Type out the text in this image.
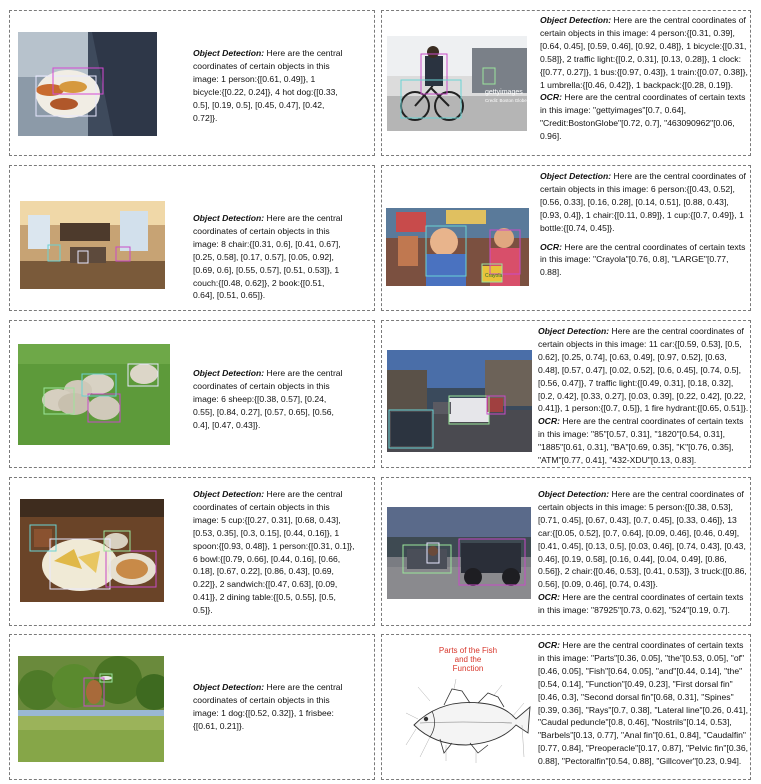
Object Detection: Here are the central coordinates of certain objects in this image: 1 person:{[0.61, 0.49]}, 1 bicycle:{[0.22, 0.24]}, 4 hot dog:{[0.33, 0.5], [0.19, 0.5], [0.45, 0.47], [0.42, 0.72]}.

gettyimages
Credit: Boston Globe

Object Detection: Here are the central coordinates of certain objects in this image: 4 person:{[0.31, 0.39], [0.64, 0.45], [0.59, 0.46], [0.92, 0.48]}, 1 bicycle:{[0.31, 0.58]}, 2 traffic light:{[0.2, 0.31], [0.13, 0.28]}, 1 clock:{[0.77, 0.27]}, 1 bus:{[0.97, 0.43]}, 1 train:{[0.07, 0.38]}, 1 umbrella:{[0.46, 0.42]}, 1 backpack:{[0.28, 0.19]}.

OCR: Here are the central coordinates of certain texts in this image: "gettyimages"[0.7, 0.64], "Credit:BostonGlobe"[0.72, 0.7], "463090962"[0.06, 0.96].

Object Detection: Here are the central coordinates of certain objects in this image: 8 chair:{[0.31, 0.6], [0.41, 0.67], [0.25, 0.58], [0.17, 0.57], [0.05, 0.92], [0.69, 0.6], [0.55, 0.57], [0.51, 0.53]}, 1 couch:{[0.48, 0.62]}, 2 book:{[0.51, 0.64], [0.51, 0.65]}.

Crayola

Object Detection: Here are the central coordinates of certain objects in this image: 6 person:{[0.43, 0.52], [0.56, 0.33], [0.16, 0.28], [0.14, 0.51], [0.88, 0.43], [0.93, 0.4]}, 1 chair:{[0.11, 0.89]}, 1 cup:{[0.7, 0.49]}, 1 bottle:{[0.74, 0.45]}.

OCR: Here are the central coordinates of certain texts in this image: "Crayola"[0.76, 0.8], "LARGE"[0.77, 0.88].

Object Detection: Here are the central coordinates of certain objects in this image: 6 sheep:{[0.38, 0.57], [0.24, 0.55], [0.84, 0.27], [0.57, 0.65], [0.56, 0.4], [0.47, 0.43]}.

Object Detection: Here are the central coordinates of certain objects in this image: 11 car:{[0.59, 0.53], [0.5, 0.62], [0.25, 0.74], [0.63, 0.49], [0.97, 0.52], [0.63, 0.48], [0.57, 0.47], [0.02, 0.52], [0.6, 0.45], [0.74, 0.5], [0.56, 0.47]}, 7 traffic light:{[0.49, 0.31], [0.18, 0.32], [0.2, 0.42], [0.33, 0.27], [0.03, 0.39], [0.22, 0.42], [0.22, 0.41]}, 1 person:{[0.7, 0.5]}, 1 fire hydrant:{[0.65, 0.51]}.

OCR: Here are the central coordinates of certain texts in this image: "85"[0.57, 0.31], "1820"[0.54, 0.31], "1885"[0.61, 0.31], "BA"[0.69, 0.35], "K"[0.76, 0.35], "ATM"[0.77, 0.41], "432-XDU"[0.13, 0.83].

Object Detection: Here are the central coordinates of certain objects in this image: 5 cup:{[0.27, 0.31], [0.68, 0.43], [0.53, 0.35], [0.3, 0.15], [0.44, 0.16]}, 1 spoon:{[0.93, 0.48]}, 1 person:{[0.31, 0.1]}, 6 bowl:{[0.79, 0.66], [0.44, 0.16], [0.66, 0.18], [0.67, 0.22], [0.86, 0.43], [0.69, 0.22]}, 2 sandwich:{[0.47, 0.63], [0.09, 0.41]}, 2 dining table:{[0.5, 0.55], [0.5, 0.5]}.

Object Detection: Here are the central coordinates of certain objects in this image: 5 person:{[0.38, 0.53], [0.71, 0.45], [0.67, 0.43], [0.7, 0.45], [0.33, 0.46]}, 13 car:{[0.05, 0.52], [0.7, 0.64], [0.09, 0.46], [0.46, 0.49], [0.41, 0.45], [0.13, 0.5], [0.03, 0.46], [0.74, 0.43], [0.43, 0.46], [0.19, 0.58], [0.16, 0.44], [0.04, 0.49], [0.86, 0.56]}, 2 chair:{[0.46, 0.53], [0.41, 0.53]}, 3 truck:{[0.86, 0.56], [0.09, 0.46], [0.74, 0.43]}.

OCR: Here are the central coordinates of certain texts in this image: "87925"[0.73, 0.62], "524"[0.19, 0.7].

Object Detection: Here are the central coordinates of certain objects in this image: 1 dog:{[0.52, 0.32]}, 1 frisbee:{[0.61, 0.21]}.

Parts of the Fish
and the
Function

OCR: Here are the central coordinates of certain texts in this image: "Parts"[0.36, 0.05], "the"[0.53, 0.05], "of"[0.46, 0.05], "Fish"[0.64, 0.05], "and"[0.44, 0.14], "the"[0.54, 0.14], "Function"[0.49, 0.23], "First dorsal fin"[0.46, 0.3], "Second dorsal fin"[0.68, 0.31], "Spines"[0.39, 0.36], "Rays"[0.7, 0.38], "Lateral line"[0.26, 0.41], "Caudal peduncle"[0.8, 0.46], "Nostrils"[0.14, 0.53], "Barbels"[0.13, 0.77], "Anal fin"[0.61, 0.84], "Caudalfin"[0.77, 0.84], "Preoperacle"[0.17, 0.87], "Pelvic fin"[0.36, 0.88], "Pectoralfin"[0.54, 0.88], "Gillcover"[0.23, 0.94].
